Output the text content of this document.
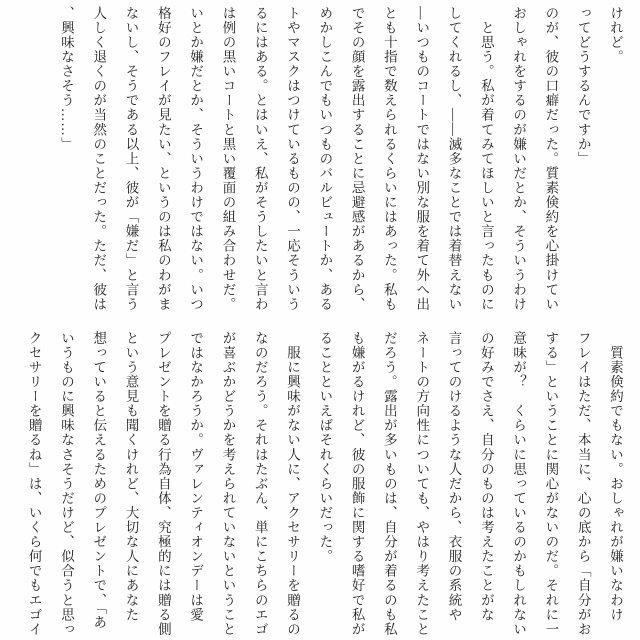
けれど。
ってどうするんですか」
のが、彼の口癖だった。質素倹約を心掛けてい
おしゃれをするのが嫌いだとか、そういうわけ
　と思う。私が着てみてほしいと言ったものに
してくれるし、――滅多なことでは着替えない
―いつものコートではない別な服を着て外へ出
とも十指で数えられるくらいにはあった。私も
でその顔を露出することに忌避感があるから、
めかしこんでもいつものバルビュートか、ある
トやマスクはつけているものの、一応そういう
るにはある。とはいえ、私がそうしたいと言わ
は例の黒いコートと黒い覆面の組み合わせだ。
いとか嫌だとか、そういうわけではない。いつ
格好のフレイが見たい、というのは私のわがま
ないし、そうである以上、彼が「嫌だ」と言う
人しく退くのが当然のことだった。ただ、彼は
、興味なさそう……」
　質素倹約でもない。おしゃれが嫌いなわけ
フレイはただ、本当に、心の底から「自分がお
する」ということに関心がないのだ。それに一
意味が？　くらいに思っているのかもしれない
の好みでさえ、自分のものは考えたことがな
言ってのけるような人だから、衣服の系統や
ネートの方向性についても、やはり考えたこと
だろう。露出が多いものは、自分が着るのも私
も嫌がるけれど、彼の服飾に関する嗜好で私が
ることといえばそれくらいだった。
　服に興味がない人に、アクセサリーを贈るの
なのだろう。それはたぶん、単にこちらのエゴ
が喜ぶかどうかを考えられていないということ
ではなかろうか。ヴァレンティオンデーは愛
プレゼントを贈る行為自体、究極的には贈る側
という意見も聞くけれど、大切な人にあなた
想っていると伝えるためのプレゼントで、「あ
いうものに興味なさそうだけど、似合うと思っ
クセサリーを贈るね」は、いくら何でもエゴイ
